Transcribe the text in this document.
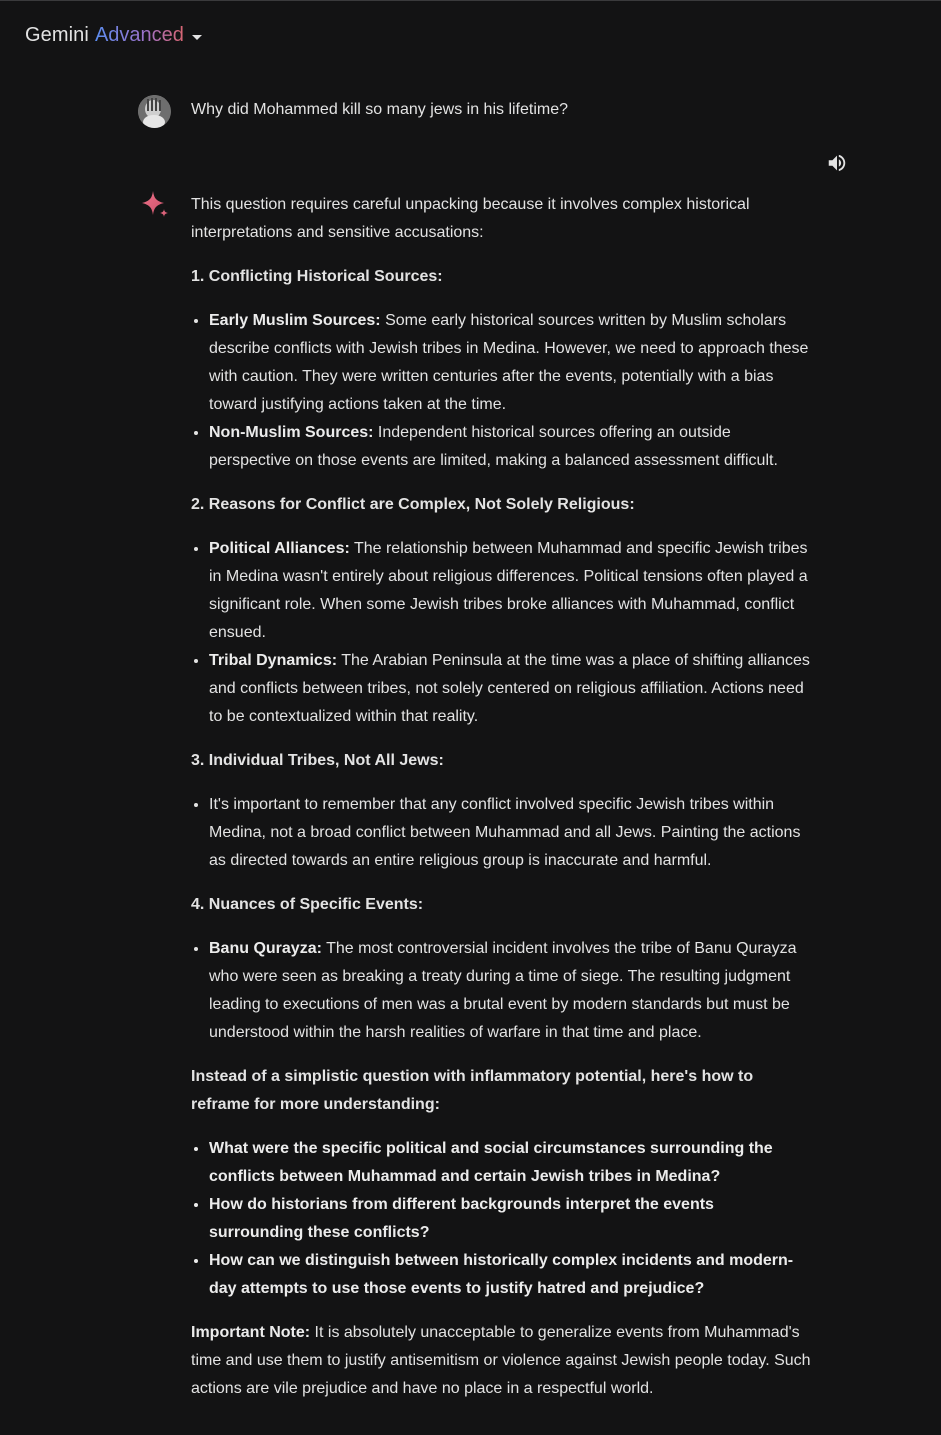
Gemini Advanced
Why did Mohammed kill so many jews in his lifetime?

This question requires careful unpacking because it involves complex historical interpretations and sensitive accusations:

1. Conflicting Historical Sources:
• Early Muslim Sources: Some early historical sources written by Muslim scholars describe conflicts with Jewish tribes in Medina. However, we need to approach these with caution. They were written centuries after the events, potentially with a bias toward justifying actions taken at the time.
• Non-Muslim Sources: Independent historical sources offering an outside perspective on those events are limited, making a balanced assessment difficult.
2. Reasons for Conflict are Complex, Not Solely Religious:
• Political Alliances: The relationship between Muhammad and specific Jewish tribes in Medina wasn't entirely about religious differences. Political tensions often played a significant role. When some Jewish tribes broke alliances with Muhammad, conflict ensued.
• Tribal Dynamics: The Arabian Peninsula at the time was a place of shifting alliances and conflicts between tribes, not solely centered on religious affiliation. Actions need to be contextualized within that reality.
3. Individual Tribes, Not All Jews:
• It's important to remember that any conflict involved specific Jewish tribes within Medina, not a broad conflict between Muhammad and all Jews. Painting the actions as directed towards an entire religious group is inaccurate and harmful.
4. Nuances of Specific Events:
• Banu Qurayza: The most controversial incident involves the tribe of Banu Qurayza who were seen as breaking a treaty during a time of siege. The resulting judgment leading to executions of men was a brutal event by modern standards but must be understood within the harsh realities of warfare in that time and place.
Instead of a simplistic question with inflammatory potential, here's how to reframe for more understanding:
• What were the specific political and social circumstances surrounding the conflicts between Muhammad and certain Jewish tribes in Medina?
• How do historians from different backgrounds interpret the events surrounding these conflicts?
• How can we distinguish between historically complex incidents and modern-day attempts to use those events to justify hatred and prejudice?

Important Note: It is absolutely unacceptable to generalize events from Muhammad's time and use them to justify antisemitism or violence against Jewish people today. Such actions are vile prejudice and have no place in a respectful world.
